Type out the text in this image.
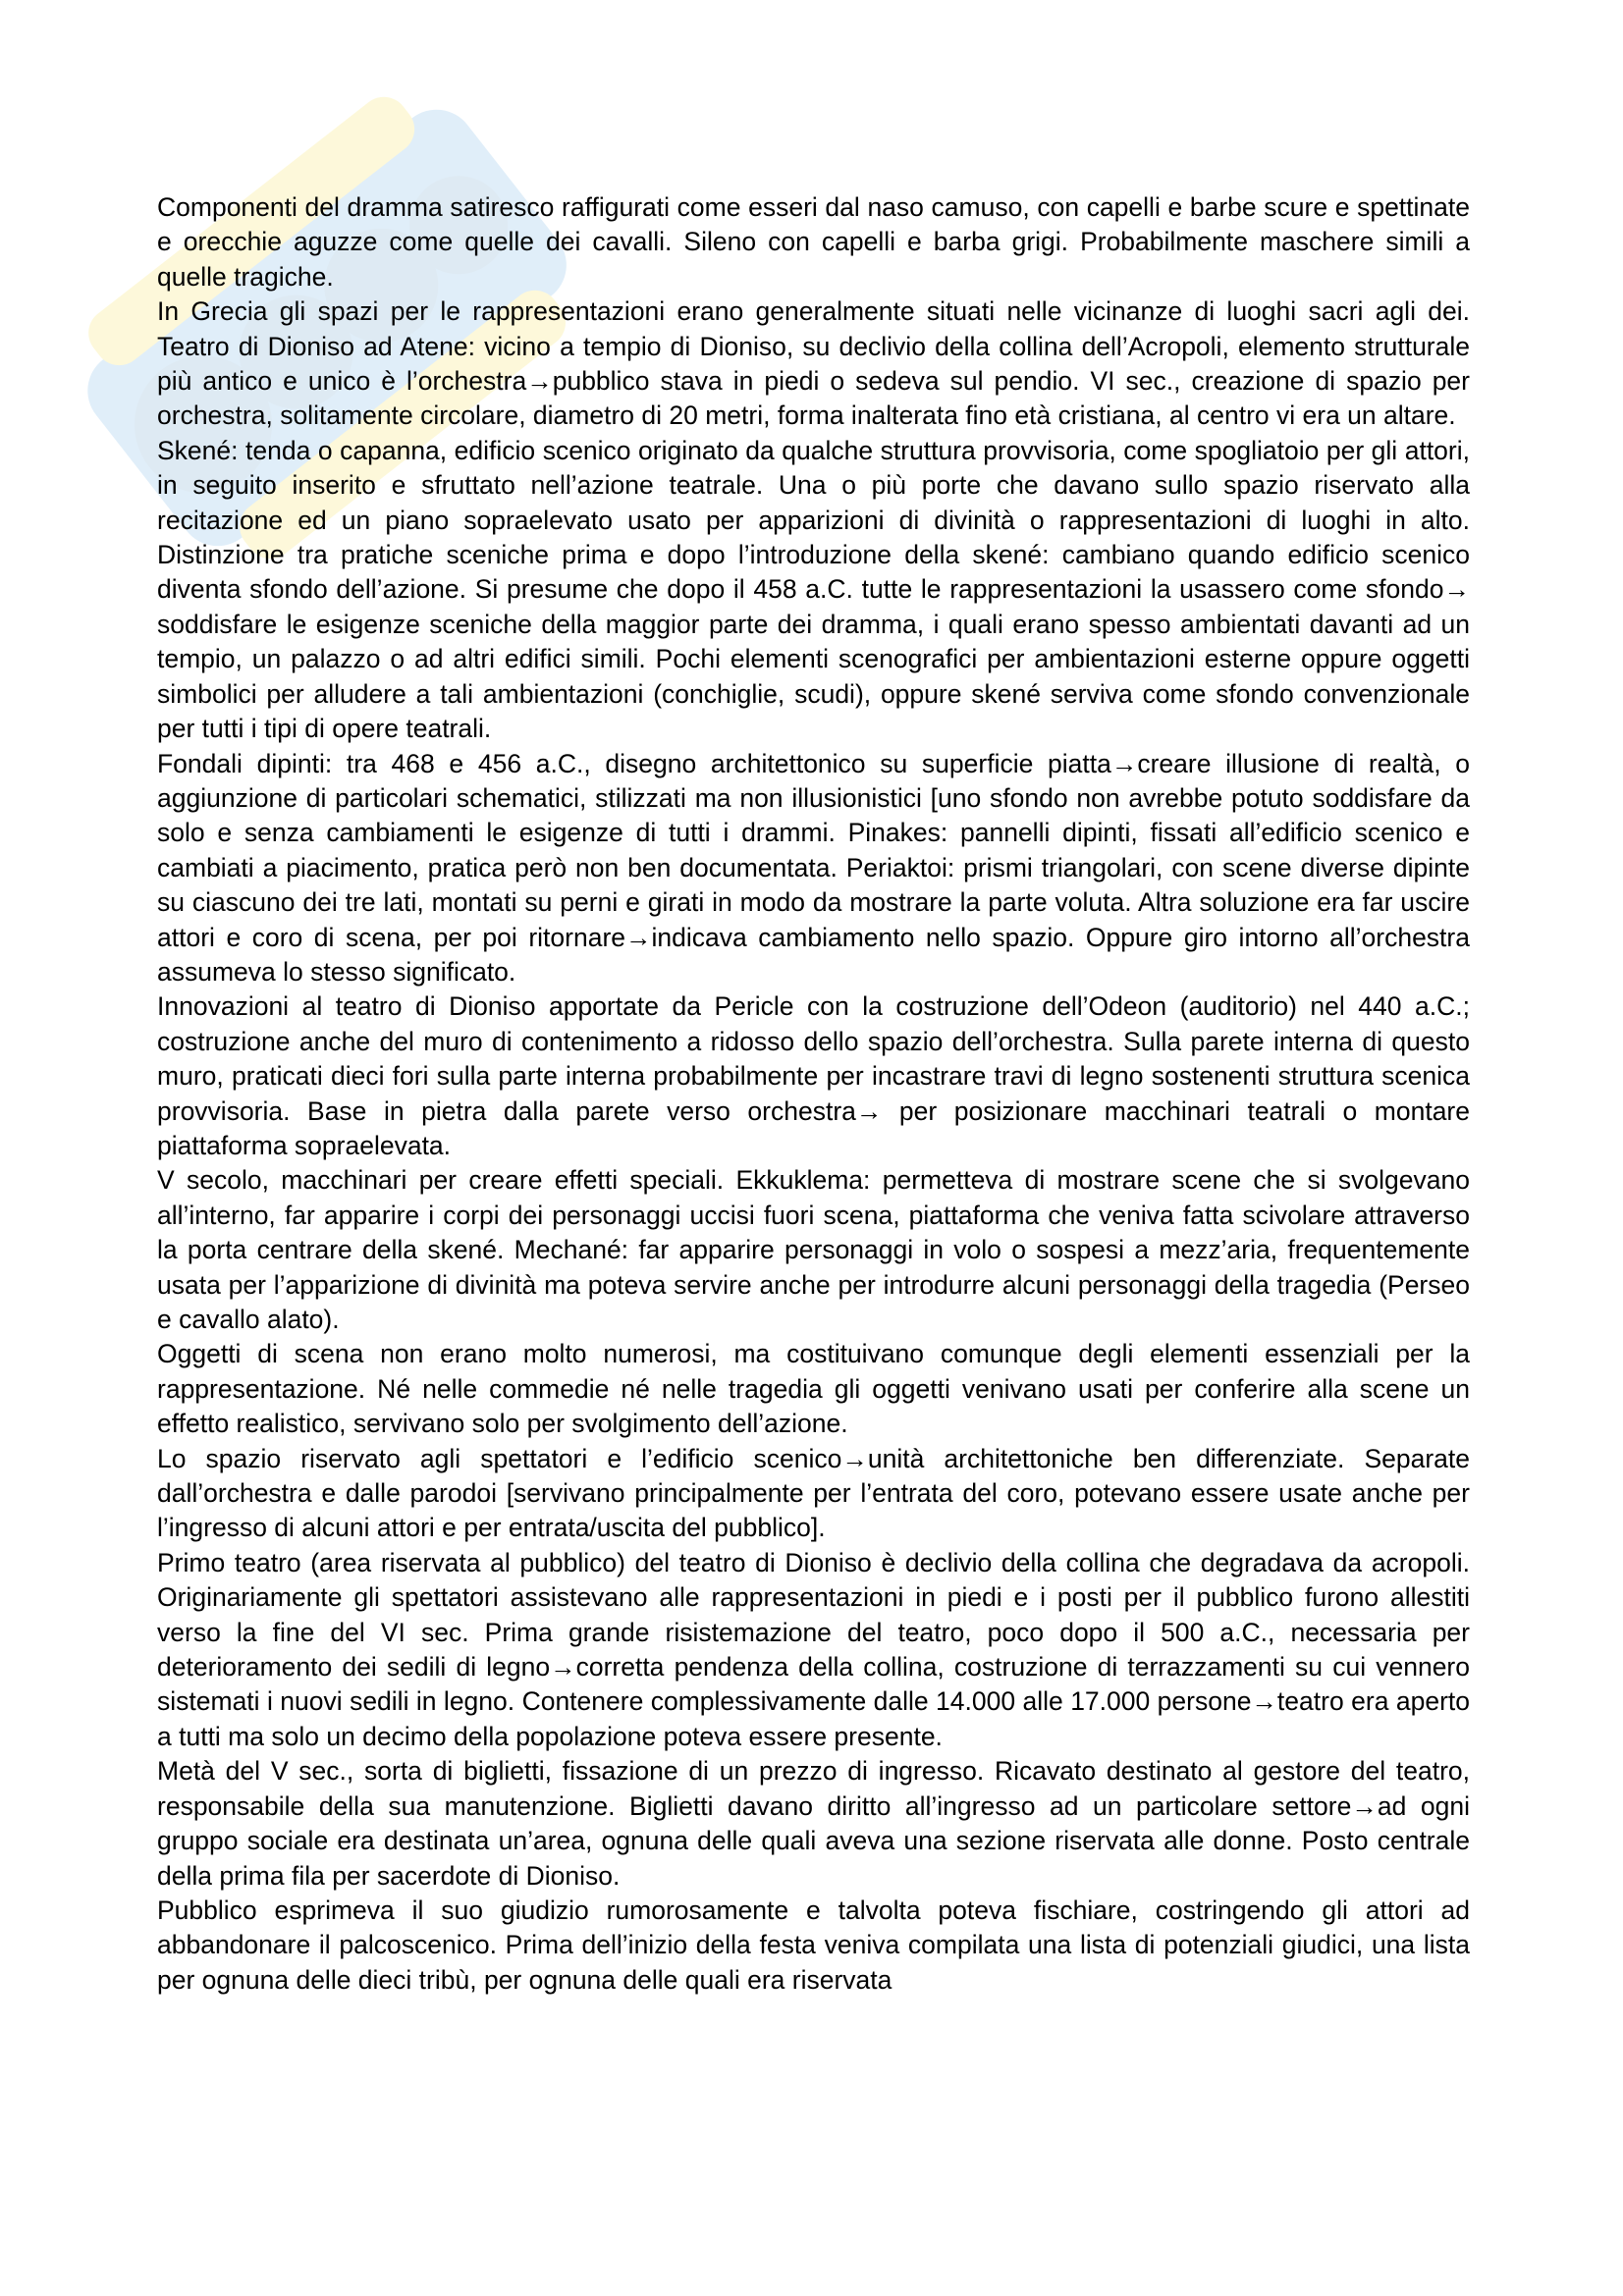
Componenti del dramma satiresco raffigurati come esseri dal naso camuso, con capelli e barbe scure e spettinate e orecchie aguzze come quelle dei cavalli. Sileno con capelli e barba grigi. Probabilmente maschere simili a quelle tragiche.

In Grecia gli spazi per le rappresentazioni erano generalmente situati nelle vicinanze di luoghi sacri agli dei. Teatro di Dioniso ad Atene: vicino a tempio di Dioniso, su declivio della collina dell’Acropoli, elemento strutturale più antico e unico è l’orchestra→pubblico stava in piedi o sedeva sul pendio. VI sec., creazione di spazio per orchestra, solitamente circolare, diametro di 20 metri, forma inalterata fino età cristiana, al centro vi era un altare.

Skené: tenda o capanna, edificio scenico originato da qualche struttura provvisoria, come spogliatoio per gli attori, in seguito inserito e sfruttato nell’azione teatrale. Una o più porte che davano sullo spazio riservato alla recitazione ed un piano sopraelevato usato per apparizioni di divinità o rappresentazioni di luoghi in alto. Distinzione tra pratiche sceniche prima e dopo l’introduzione della skené: cambiano quando edificio scenico diventa sfondo dell’azione. Si presume che dopo il 458 a.C. tutte le rappresentazioni la usassero come sfondo→ soddisfare le esigenze sceniche della maggior parte dei dramma, i quali erano spesso ambientati davanti ad un tempio, un palazzo o ad altri edifici simili. Pochi elementi scenografici per ambientazioni esterne oppure oggetti simbolici per alludere a tali ambientazioni (conchiglie, scudi), oppure skené serviva come sfondo convenzionale per tutti i tipi di opere teatrali.

Fondali dipinti: tra 468 e 456 a.C., disegno architettonico su superficie piatta→creare illusione di realtà, o aggiunzione di particolari schematici, stilizzati ma non illusionistici [uno sfondo non avrebbe potuto soddisfare da solo e senza cambiamenti le esigenze di tutti i drammi. Pinakes: pannelli dipinti, fissati all’edificio scenico e cambiati a piacimento, pratica però non ben documentata. Periaktoi: prismi triangolari, con scene diverse dipinte su ciascuno dei tre lati, montati su perni e girati in modo da mostrare la parte voluta. Altra soluzione era far uscire attori e coro di scena, per poi ritornare→indicava cambiamento nello spazio. Oppure giro intorno all’orchestra assumeva lo stesso significato.

Innovazioni al teatro di Dioniso apportate da Pericle con la costruzione dell’Odeon (auditorio) nel 440 a.C.; costruzione anche del muro di contenimento a ridosso dello spazio dell’orchestra. Sulla parete interna di questo muro, praticati dieci fori sulla parte interna probabilmente per incastrare travi di legno sostenenti struttura scenica provvisoria. Base in pietra dalla parete verso orchestra→ per posizionare macchinari teatrali o montare piattaforma sopraelevata.

V secolo, macchinari per creare effetti speciali. Ekkuklema: permetteva di mostrare scene che si svolgevano all’interno, far apparire i corpi dei personaggi uccisi fuori scena, piattaforma che veniva fatta scivolare attraverso la porta centrare della skené. Mechané: far apparire personaggi in volo o sospesi a mezz’aria, frequentemente usata per l’apparizione di divinità ma poteva servire anche per introdurre alcuni personaggi della tragedia (Perseo e cavallo alato).

Oggetti di scena non erano molto numerosi, ma costituivano comunque degli elementi essenziali per la rappresentazione. Né nelle commedie né nelle tragedia gli oggetti venivano usati per conferire alla scene un effetto realistico, servivano solo per svolgimento dell’azione.

Lo spazio riservato agli spettatori e l’edificio scenico→unità architettoniche ben differenziate. Separate dall’orchestra e dalle parodoi [servivano principalmente per l’entrata del coro, potevano essere usate anche per l’ingresso di alcuni attori e per entrata/uscita del pubblico].

Primo teatro (area riservata al pubblico) del teatro di Dioniso è declivio della collina che degradava da acropoli. Originariamente gli spettatori assistevano alle rappresentazioni in piedi e i posti per il pubblico furono allestiti verso la fine del VI sec. Prima grande risistemazione del teatro, poco dopo il 500 a.C., necessaria per deterioramento dei sedili di legno→corretta pendenza della collina, costruzione di terrazzamenti su cui vennero sistemati i nuovi sedili in legno. Contenere complessivamente dalle 14.000 alle 17.000 persone→teatro era aperto a tutti ma solo un decimo della popolazione poteva essere presente.

Metà del V sec., sorta di biglietti, fissazione di un prezzo di ingresso. Ricavato destinato al gestore del teatro, responsabile della sua manutenzione. Biglietti davano diritto all’ingresso ad un particolare settore→ad ogni gruppo sociale era destinata un’area, ognuna delle quali aveva una sezione riservata alle donne. Posto centrale della prima fila per sacerdote di Dioniso.

Pubblico esprimeva il suo giudizio rumorosamente e talvolta poteva fischiare, costringendo gli attori ad abbandonare il palcoscenico. Prima dell’inizio della festa veniva compilata una lista di potenziali giudici, una lista per ognuna delle dieci tribù, per ognuna delle quali era riservata
